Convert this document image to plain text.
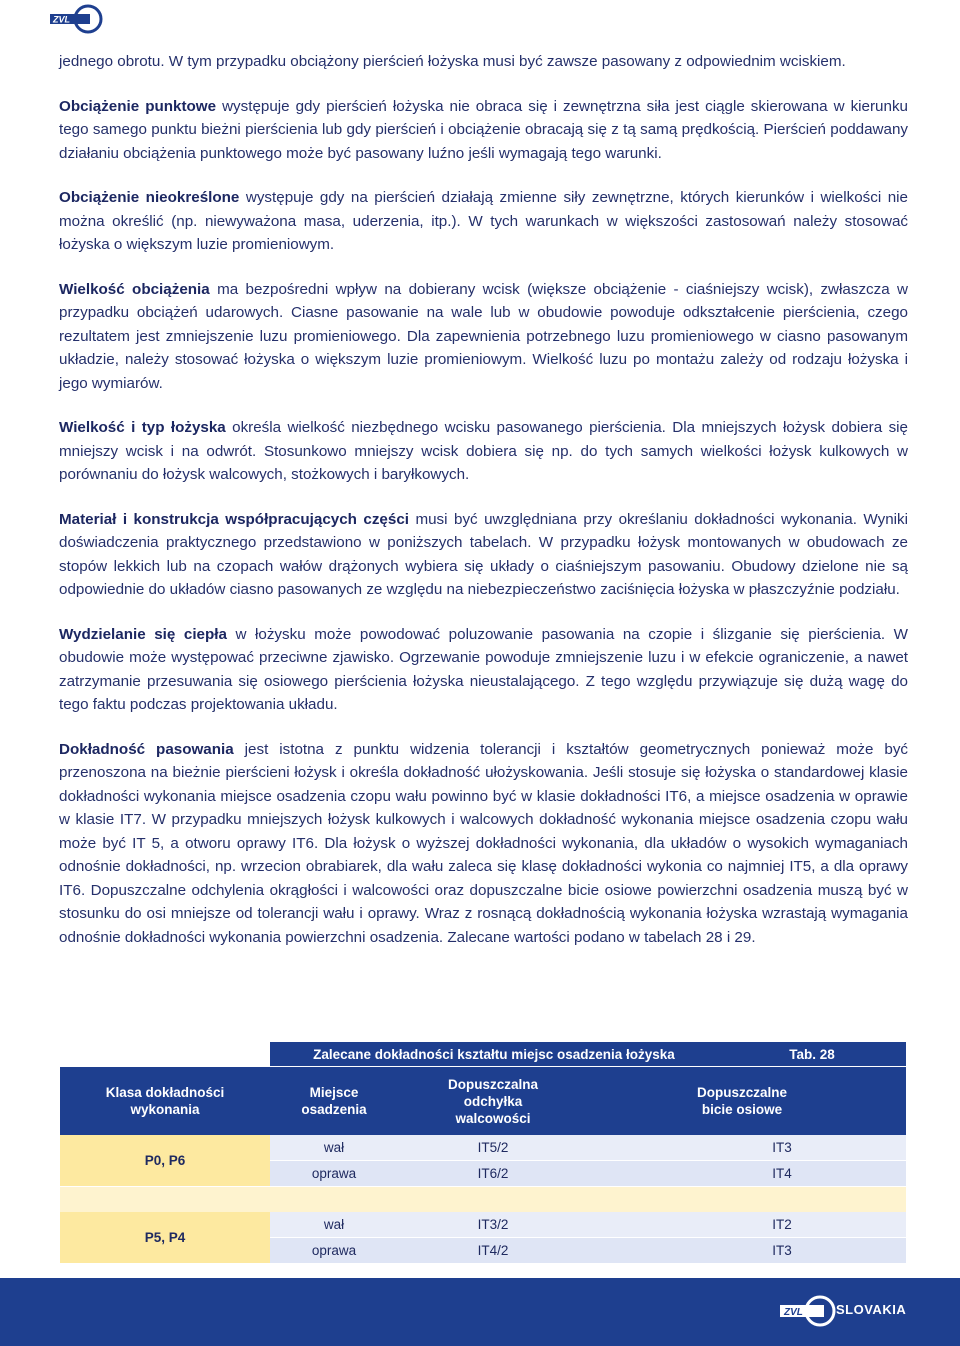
ZVL

jednego obrotu. W tym przypadku obciążony pierścień łożyska musi być zawsze pasowany z odpowiednim wciskiem.

Obciążenie punktowe występuje gdy pierścień łożyska nie obraca się i zewnętrzna siła jest ciągle skierowana w kierunku tego samego punktu bieżni pierścienia lub gdy pierścień i obciążenie obracają się z tą samą prędkością. Pierścień poddawany działaniu obciążenia punktowego może być pasowany luźno jeśli wymagają tego warunki.

Obciążenie nieokreślone występuje gdy na pierścień działają zmienne siły zewnętrzne, których kierunków i wielkości nie można określić (np. niewyważona masa, uderzenia, itp.). W tych warunkach w większości zastosowań należy stosować łożyska o większym luzie promieniowym.

Wielkość obciążenia ma bezpośredni wpływ na dobierany wcisk (większe obciążenie - ciaśniejszy wcisk), zwłaszcza w przypadku obciążeń udarowych. Ciasne pasowanie na wale lub w obudowie powoduje odkształcenie pierścienia, czego rezultatem jest zmniejszenie luzu promieniowego. Dla zapewnienia potrzebnego luzu promieniowego w ciasno pasowanym układzie, należy stosować łożyska o większym luzie promieniowym. Wielkość luzu po montażu zależy od rodzaju łożyska i jego wymiarów.

Wielkość i typ łożyska określa wielkość niezbędnego wcisku pasowanego pierścienia. Dla mniejszych łożysk dobiera się mniejszy wcisk i na odwrót. Stosunkowo mniejszy wcisk dobiera się np. do tych samych wielkości łożysk kulkowych w porównaniu do łożysk walcowych, stożkowych i baryłkowych.

Materiał i konstrukcja współpracujących części musi być uwzględniana przy określaniu dokładności wykonania. Wyniki doświadczenia praktycznego przedstawiono w poniższych tabelach. W przypadku łożysk montowanych w obudowach ze stopów lekkich lub na czopach wałów drążonych wybiera się układy o ciaśniejszym pasowaniu. Obudowy dzielone nie są odpowiednie do układów ciasno pasowanych ze względu na niebezpieczeństwo zaciśnięcia łożyska w płaszczyźnie podziału.

Wydzielanie się ciepła w łożysku może powodować poluzowanie pasowania na czopie i ślizganie się pierścienia. W obudowie może występować przeciwne zjawisko. Ogrzewanie powoduje zmniejszenie luzu i w efekcie ograniczenie, a nawet zatrzymanie przesuwania się osiowego pierścienia łożyska nieustalającego. Z tego względu przywiązuje się dużą wagę do tego faktu podczas projektowania układu.

Dokładność pasowania jest istotna z punktu widzenia tolerancji i kształtów geometrycznych ponieważ może być przenoszona na bieżnie pierścieni łożysk i określa dokładność ułożyskowania. Jeśli stosuje się łożyska o standardowej klasie dokładności wykonania miejsce osadzenia czopu wału powinno być w klasie dokładności IT6, a miejsce osadzenia w oprawie w klasie IT7. W przypadku mniejszych łożysk kulkowych i walcowych dokładność wykonania miejsce osadzenia czopu wału może być IT 5, a otworu oprawy IT6. Dla łożysk o wyższej dokładności wykonania, dla układów o wysokich wymaganiach odnośnie dokładności, np. wrzecion obrabiarek, dla wału zaleca się klasę dokładności wykonia co najmniej IT5, a dla oprawy IT6. Dopuszczalne odchylenia okrągłości i walcowości oraz dopuszczalne bicie osiowe powierzchni osadzenia muszą być w stosunku do osi mniejsze od tolerancji wału i oprawy. Wraz z rosnącą dokładnością wykonania łożyska wzrastają wymagania odnośnie dokładności wykonania powierzchni osadzenia. Zalecane wartości podano w tabelach 28 i 29.

	Zalecane dokładności kształtu miejsc osadzenia łożyska			Tab. 28
Klasa dokładności wykonania	Miejsce osadzenia	Dopuszczalna odchyłka walcowości	Dopuszczalne bicie osiowe	
P0, P6	wał	IT5/2	IT3	
	oprawa	IT6/2	IT4	

P5, P4	wał	IT3/2	IT2	
	oprawa	IT4/2	IT3	
ZVL	SLOVAKIA
